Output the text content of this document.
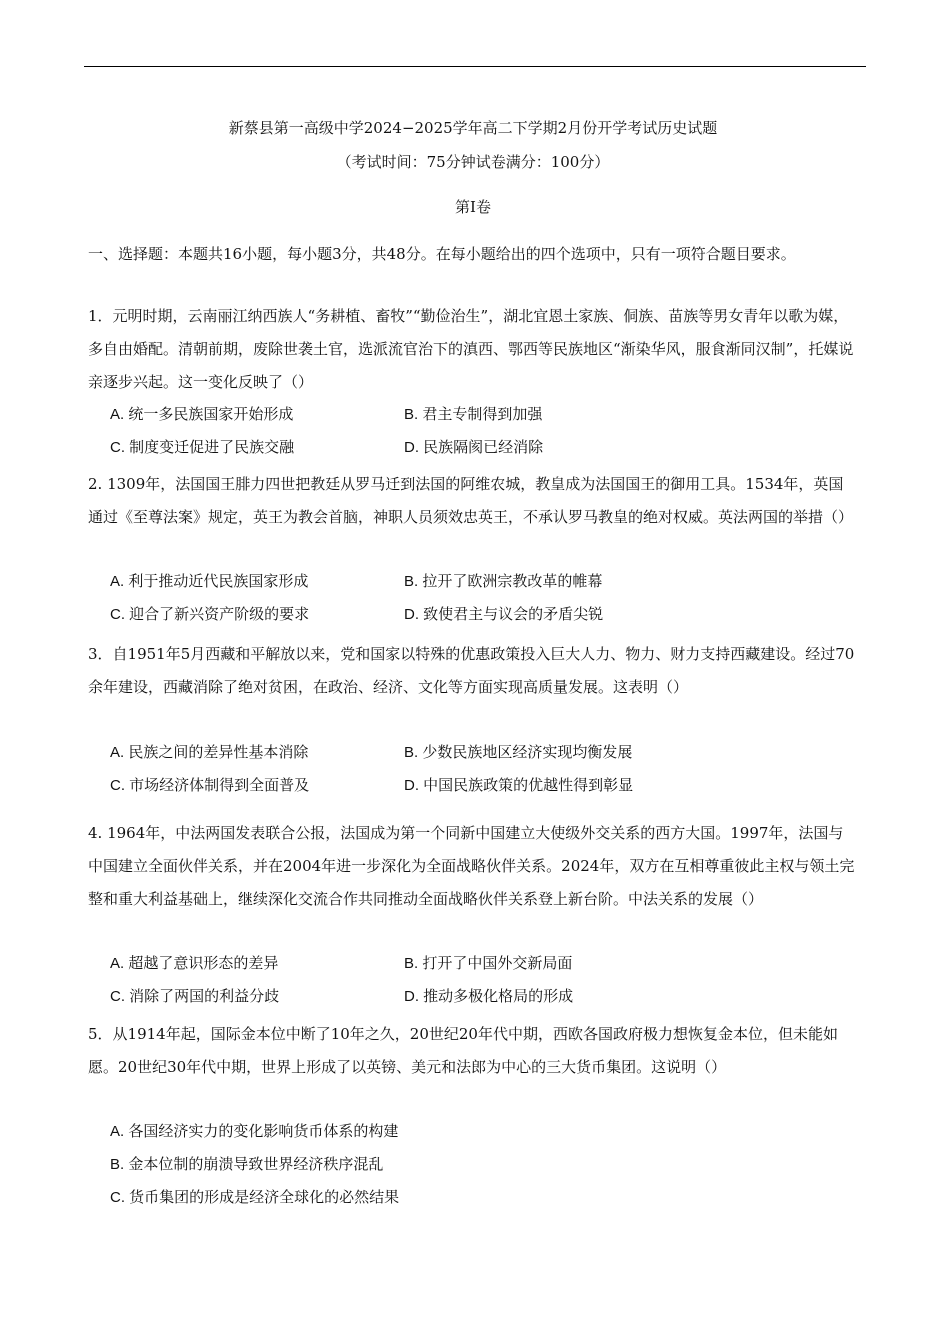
新蔡县第一高级中学2024−2025学年高二下学期2月份开学考试历史试题
（考试时间：75分钟试卷满分：100分）
第I卷
一、选择题：本题共16小题，每小题3分，共48分。在每小题给出的四个选项中，只有一项符合题目要求。
1．元明时期，云南丽江纳西族人“务耕植、畜牧”“勤俭治生”，湖北宜恩土家族、侗族、苗族等男女青年以歌为媒，多自由婚配。清朝前期，废除世袭土官，选派流官治下的滇西、鄂西等民族地区“渐染华风，服食渐同汉制”，托媒说亲逐步兴起。这一变化反映了（）
A. 统一多民族国家开始形成	B. 君主专制得到加强
C. 制度变迁促进了民族交融	D. 民族隔阂已经消除
2. 1309年，法国国王腓力四世把教廷从罗马迁到法国的阿维农城，教皇成为法国国王的御用工具。1534年，英国通过《至尊法案》规定，英王为教会首脑，神职人员须效忠英王，不承认罗马教皇的绝对权威。英法两国的举措（）
A. 利于推动近代民族国家形成	B. 拉开了欧洲宗教改革的帷幕
C. 迎合了新兴资产阶级的要求	D. 致使君主与议会的矛盾尖锐
3．自1951年5月西藏和平解放以来，党和国家以特殊的优惠政策投入巨大人力、物力、财力支持西藏建设。经过70余年建设，西藏消除了绝对贫困，在政治、经济、文化等方面实现高质量发展。这表明（）
A. 民族之间的差异性基本消除	B. 少数民族地区经济实现均衡发展
C. 市场经济体制得到全面普及	D. 中国民族政策的优越性得到彰显
4. 1964年，中法两国发表联合公报，法国成为第一个同新中国建立大使级外交关系的西方大国。1997年，法国与中国建立全面伙伴关系，并在2004年进一步深化为全面战略伙伴关系。2024年，双方在互相尊重彼此主权与领土完整和重大利益基础上，继续深化交流合作共同推动全面战略伙伴关系登上新台阶。中法关系的发展（）
A. 超越了意识形态的差异	B. 打开了中国外交新局面
C. 消除了两国的利益分歧	D. 推动多极化格局的形成
5．从1914年起，国际金本位中断了10年之久，20世纪20年代中期，西欧各国政府极力想恢复金本位，但未能如愿。20世纪30年代中期，世界上形成了以英镑、美元和法郎为中心的三大货币集团。这说明（）
A. 各国经济实力的变化影响货币体系的构建
B. 金本位制的崩溃导致世界经济秩序混乱
C. 货币集团的形成是经济全球化的必然结果
